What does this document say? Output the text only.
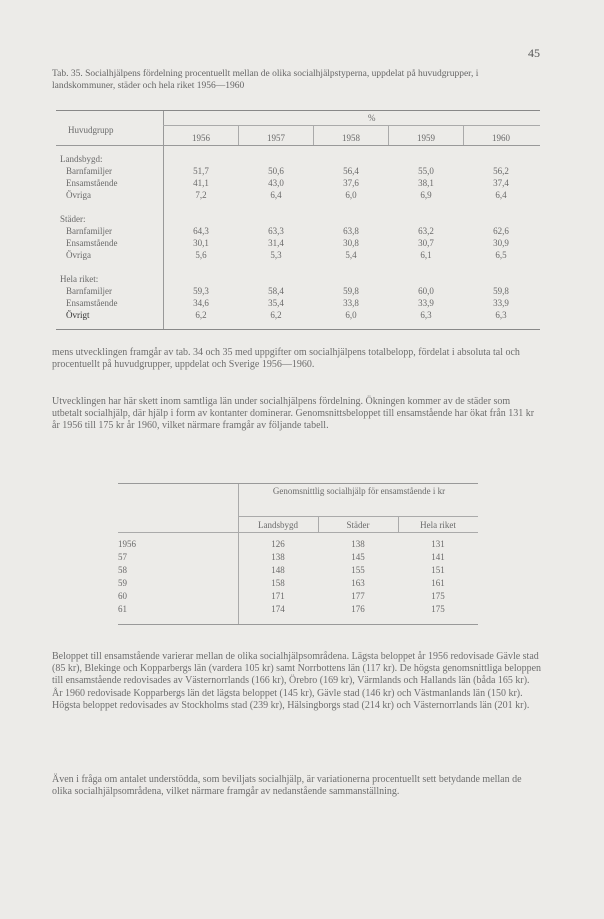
45
Tab. 35. Socialhjälpens fördelning procentuellt mellan de olika socialhjälpstyperna, uppdelat på huvudgrupper, i landskommuner, städer och hela riket 1956—1960
%
Huvudgrupp
1956	1957	1958	1959	1960
Landsbygd:
Barnfamiljer	51,7	50,6	56,4	55,0	56,2
Ensamstående	41,1	43,0	37,6	38,1	37,4
Övriga	7,2	6,4	6,0	6,9	6,4
Städer:
Barnfamiljer	64,3	63,3	63,8	63,2	62,6
Ensamstående	30,1	31,4	30,8	30,7	30,9
Övriga	5,6	5,3	5,4	6,1	6,5
Hela riket:
Barnfamiljer	59,3	58,4	59,8	60,0	59,8
Ensamstående	34,6	35,4	33,8	33,9	33,9
Övrigt	6,2	6,2	6,0	6,3	6,3
mens utvecklingen framgår av tab. 34 och 35 med uppgifter om socialhjälpens totalbelopp, fördelat i absoluta tal och procentuellt på huvudgrupper, uppdelat och Sverige 1956—1960.
Utvecklingen har här skett inom samtliga län under socialhjälpens fördelning. Ökningen kommer av de städer som utbetalt socialhjälp, där hjälp i form av kontanter dominerar. Genomsnittsbeloppet till ensamstående har ökat från 131 kr år 1956 till 175 kr år 1960, vilket närmare framgår av följande tabell.
Genomsnittlig socialhjälp för ensamstående i kr
Landsbygd	Städer	Hela riket
1956	126	138	131
57	138	145	141
58	148	155	151
59	158	163	161
60	171	177	175
61	174	176	175
Beloppet till ensamstående varierar mellan de olika socialhjälpsområdena. Lägsta beloppet år 1956 redovisade Gävle stad (85 kr), Blekinge och Kopparbergs län (vardera 105 kr) samt Norrbottens län (117 kr). De högsta genomsnittliga beloppen till ensamstående redovisades av Västernorrlands (166 kr), Örebro (169 kr), Värmlands och Hallands län (båda 165 kr). År 1960 redovisade Kopparbergs län det lägsta beloppet (145 kr), Gävle stad (146 kr) och Västmanlands län (150 kr). Högsta beloppet redovisades av Stockholms stad (239 kr), Hälsingborgs stad (214 kr) och Västernorrlands län (201 kr).
Även i fråga om antalet understödda, som beviljats socialhjälp, är variationerna procentuellt sett betydande mellan de olika socialhjälpsområdena, vilket närmare framgår av nedanstående sammanställning.
